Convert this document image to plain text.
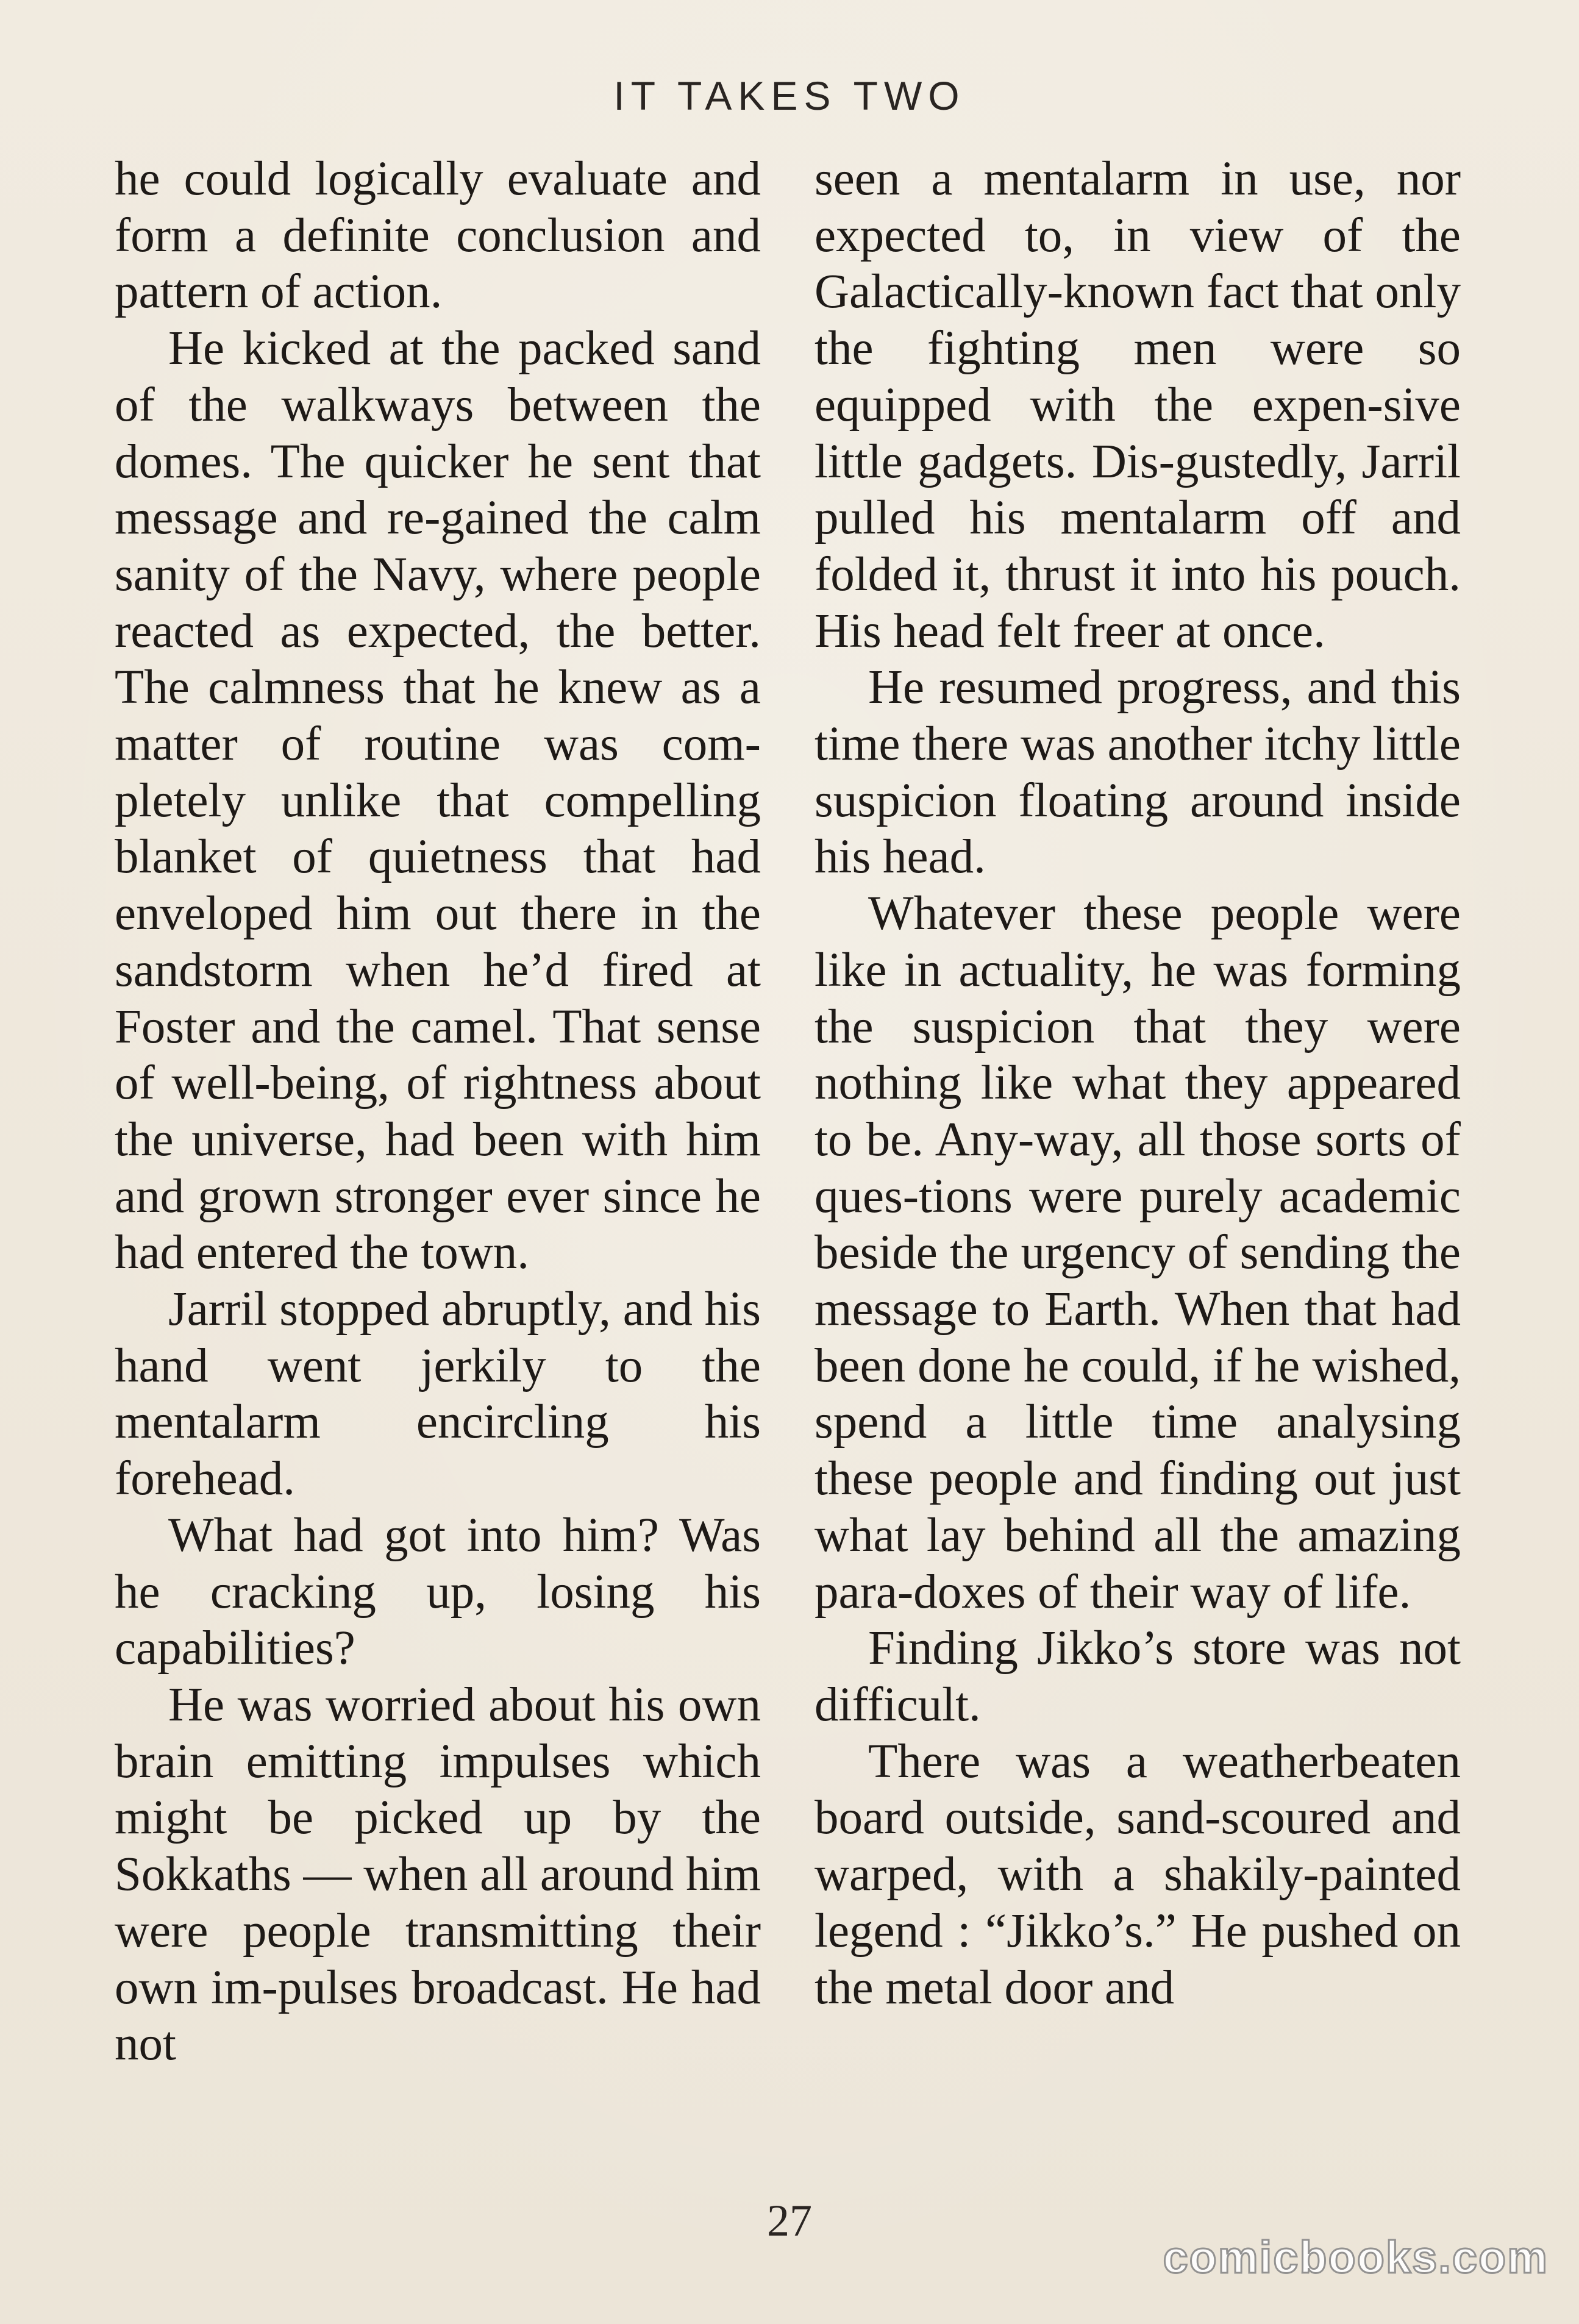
IT TAKES TWO

he could logically evaluate and form a definite conclusion and pattern of action.

He kicked at the packed sand of the walkways between the domes. The quicker he sent that message and re-gained the calm sanity of the Navy, where people reacted as expected, the better. The calmness that he knew as a matter of routine was com-pletely unlike that compelling blanket of quietness that had enveloped him out there in the sandstorm when he’d fired at Foster and the camel. That sense of well-being, of rightness about the universe, had been with him and grown stronger ever since he had entered the town.

Jarril stopped abruptly, and his hand went jerkily to the mentalarm encircling his forehead.

What had got into him? Was he cracking up, losing his capabilities?

He was worried about his own brain emitting impulses which might be picked up by the Sokkaths — when all around him were people transmitting their own im-pulses broadcast. He had not

seen a mentalarm in use, nor expected to, in view of the Galactically-known fact that only the fighting men were so equipped with the expen-sive little gadgets. Dis-gustedly, Jarril pulled his mentalarm off and folded it, thrust it into his pouch. His head felt freer at once.

He resumed progress, and this time there was another itchy little suspicion floating around inside his head.

Whatever these people were like in actuality, he was forming the suspicion that they were nothing like what they appeared to be. Any-way, all those sorts of ques-tions were purely academic beside the urgency of sending the message to Earth. When that had been done he could, if he wished, spend a little time analysing these people and finding out just what lay behind all the amazing para-doxes of their way of life.

Finding Jikko’s store was not difficult.

There was a weatherbeaten board outside, sand-scoured and warped, with a shakily-painted legend : “Jikko’s.” He pushed on the metal door and

27
comicbooks.com
